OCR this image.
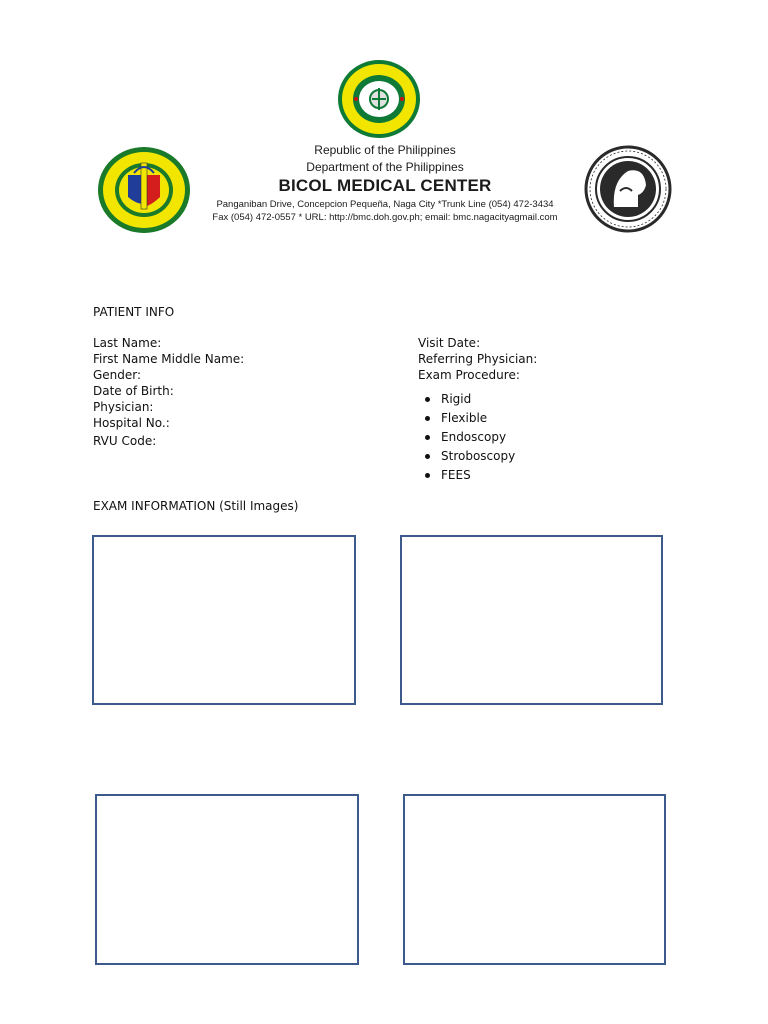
Republic of the Philippines
Department of the Philippines
BICOL MEDICAL CENTER
Panganiban Drive, Concepcion Pequeña, Naga City *Trunk Line (054) 472-3434
Fax (054) 472-0557 * URL: http://bmc.doh.gov.ph; email: bmc.nagacityagmail.com
PATIENT INFO
Last Name:
First Name Middle Name:
Gender:
Date of Birth:
Physician:
Hospital No.:
RVU Code:
Visit Date:
Referring Physician:
Exam Procedure:
Rigid
Flexible
Endoscopy
Stroboscopy
FEES
EXAM INFORMATION (Still Images)
